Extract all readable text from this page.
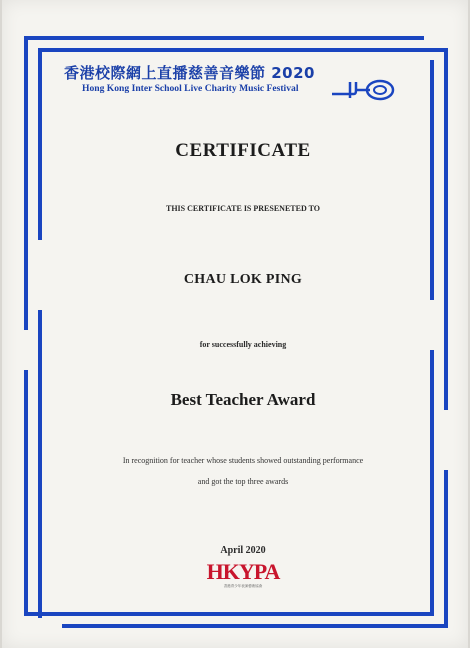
香港校際網上直播慈善音樂節 2020
Hong Kong Inter School Live Charity Music Festival
CERTIFICATE
THIS CERTIFICATE IS PRESENETED TO
CHAU LOK PING
for successfully achieving
Best Teacher Award
In recognition for teacher whose students showed outstanding performance
and got the top three awards
April 2020
HKYPA
香港青少年表演藝術協會
